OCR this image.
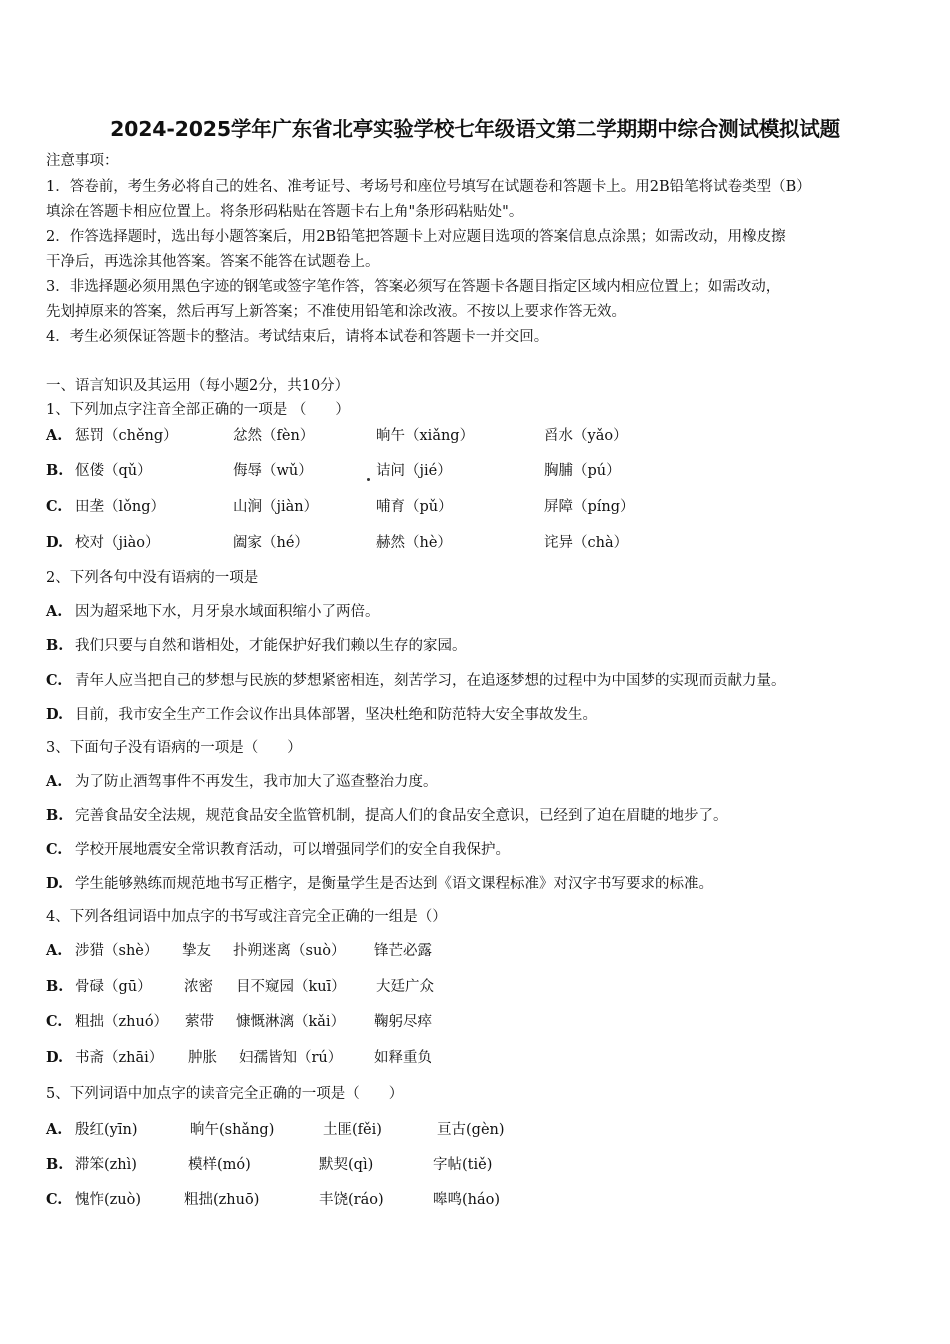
2024-2025学年广东省北亭实验学校七年级语文第二学期期中综合测试模拟试题
注意事项：
1．答卷前，考生务必将自己的姓名、准考证号、考场号和座位号填写在试题卷和答题卡上。用2B铅笔将试卷类型（B）
填涂在答题卡相应位置上。将条形码粘贴在答题卡右上角"条形码粘贴处"。
2．作答选择题时，选出每小题答案后，用2B铅笔把答题卡上对应题目选项的答案信息点涂黑；如需改动，用橡皮擦
干净后，再选涂其他答案。答案不能答在试题卷上。
3．非选择题必须用黑色字迹的钢笔或签字笔作答，答案必须写在答题卡各题目指定区域内相应位置上；如需改动，
先划掉原来的答案，然后再写上新答案；不准使用铅笔和涂改液。不按以上要求作答无效。
4．考生必须保证答题卡的整洁。考试结束后，请将本试卷和答题卡一并交回。
一、语言知识及其运用（每小题2分，共10分）
1、下列加点字注音全部正确的一项是 （　　）
A. 惩罚（chěng）	忿然（fèn）	晌午（xiǎng）	舀水（yǎo）
B. 伛偻（qǔ）	侮辱（wǔ）	诘问（jié）	胸脯（pú）
C. 田垄（lǒng）	山涧（jiàn）	哺育（pǔ）	屏障（píng）
D. 校对（jiào）	阖家（hé）	赫然（hè）	诧异（chà）
2、下列各句中没有语病的一项是
A. 因为超采地下水，月牙泉水域面积缩小了两倍。
B. 我们只要与自然和谐相处，才能保护好我们赖以生存的家园。
C. 青年人应当把自己的梦想与民族的梦想紧密相连，刻苦学习，在追逐梦想的过程中为中国梦的实现而贡献力量。
D. 目前，我市安全生产工作会议作出具体部署，坚决杜绝和防范特大安全事故发生。
3、下面句子没有语病的一项是（　　）
A. 为了防止酒驾事件不再发生，我市加大了巡查整治力度。
B. 完善食品安全法规，规范食品安全监管机制，提高人们的食品安全意识，已经到了迫在眉睫的地步了。
C. 学校开展地震安全常识教育活动，可以增强同学们的安全自我保护。
D. 学生能够熟练而规范地书写正楷字，是衡量学生是否达到《语文课程标准》对汉字书写要求的标准。
4、下列各组词语中加点字的书写或注音完全正确的一组是（）
A. 涉猎（shè） 挚友 扑朔迷离（suò） 锋芒必露
B. 骨碌（gū） 浓密 目不窥园（kuī） 大廷广众
C. 粗拙（zhuó） 萦带 慷慨淋漓（kǎi） 鞠躬尽瘁
D. 书斋（zhāi） 肿胀 妇孺皆知（rú） 如释重负
5、下列词语中加点字的读音完全正确的一项是（　　）
A. 殷红(yīn)	晌午(shǎng)	土匪(fěi)	亘古(gèn)
B. 滞笨(zhì)	模样(mó)	默契(qì)	字帖(tiě)
C. 愧怍(zuò)	粗拙(zhuō)	丰饶(ráo)	嗥鸣(háo)
